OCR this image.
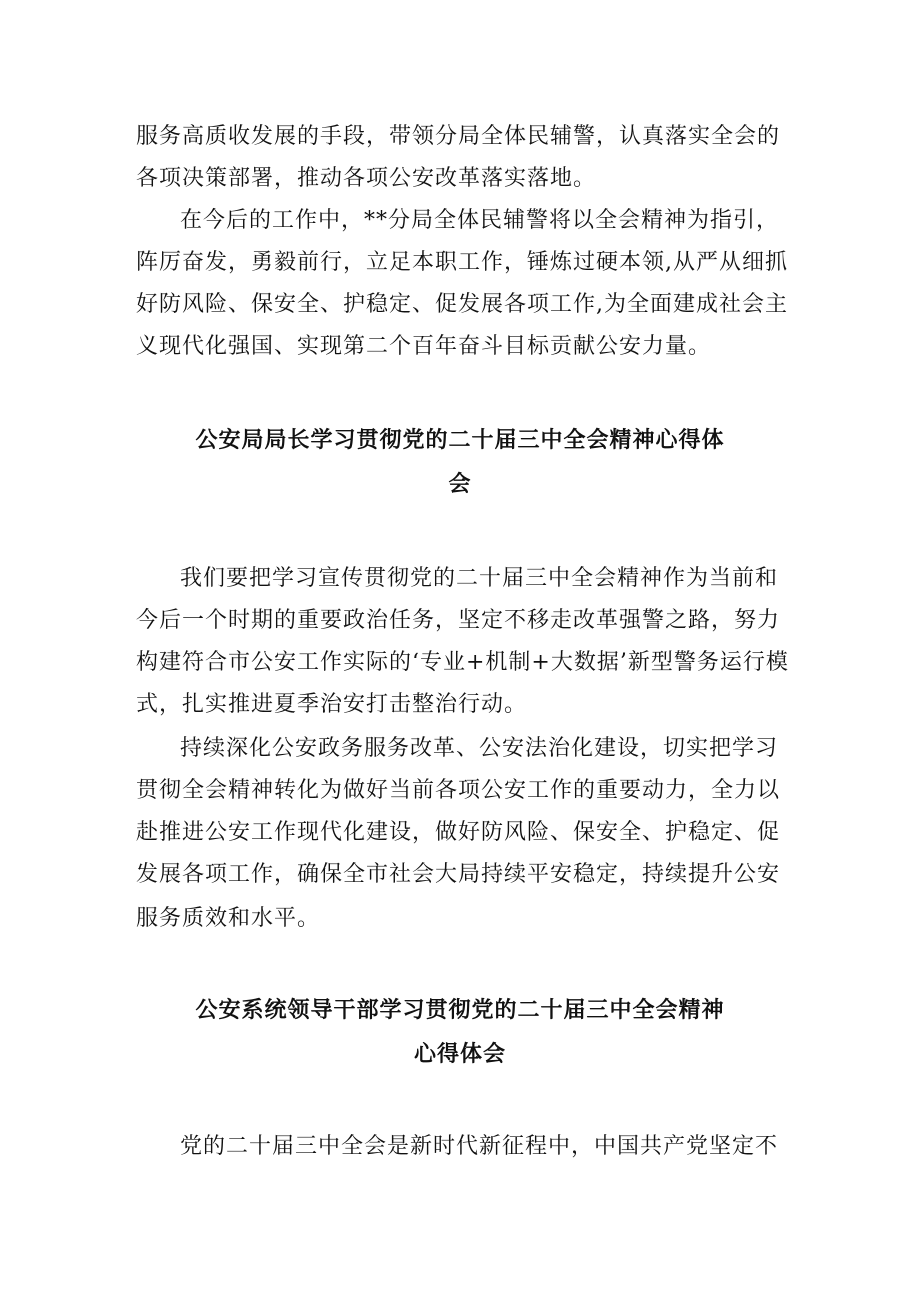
服务高质收发展的手段，带领分局全体民辅警，认真落实全会的
各项决策部署，推动各项公安改革落实落地。
在今后的工作中，**分局全体民辅警将以全会精神为指引，
阵厉奋发，勇毅前行，立足本职工作，锤炼过硬本领,从严从细抓
好防风险、保安全、护稳定、促发展各项工作,为全面建成社会主
义现代化强国、实现第二个百年奋斗目标贡献公安力量。
公安局局长学习贯彻党的二十届三中全会精神心得体
会
我们要把学习宣传贯彻党的二十届三中全会精神作为当前和
今后一个时期的重要政治任务，坚定不移走改革强警之路，努力
构建符合市公安工作实际的‘专业+机制+大数据’新型警务运行模
式，扎实推进夏季治安打击整治行动。
持续深化公安政务服务改革、公安法治化建设，切实把学习
贯彻全会精神转化为做好当前各项公安工作的重要动力，全力以
赴推进公安工作现代化建设，做好防风险、保安全、护稳定、促
发展各项工作，确保全市社会大局持续平安稳定，持续提升公安
服务质效和水平。
公安系统领导干部学习贯彻党的二十届三中全会精神
心得体会
党的二十届三中全会是新时代新征程中，中国共产党坚定不
